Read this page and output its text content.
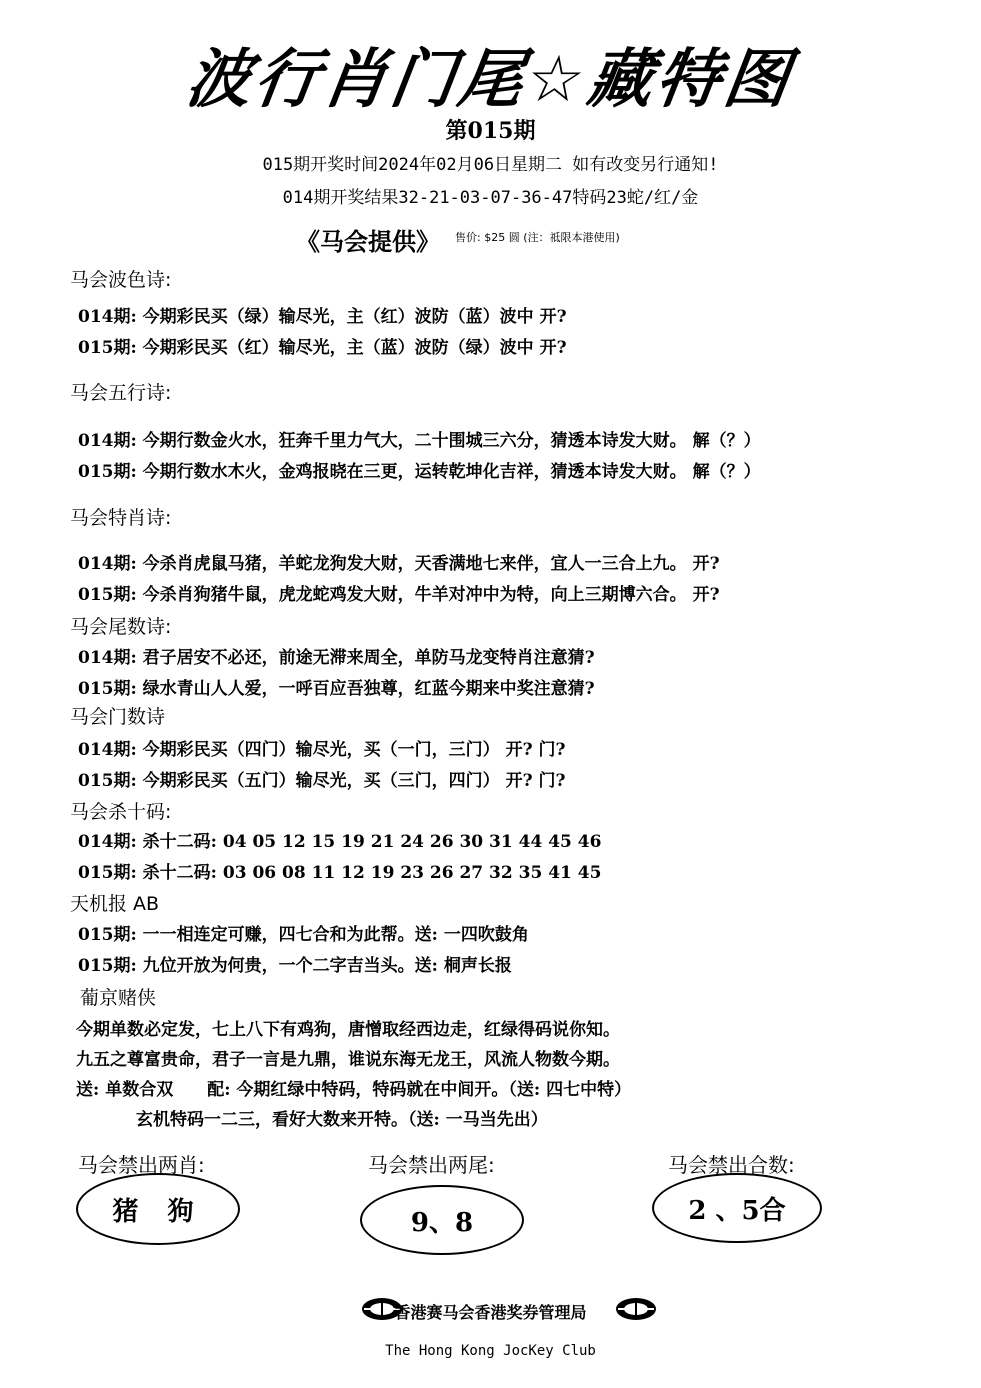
波行肖门尾☆藏特图
第015期
015期开奖时间2024年02月06日星期二 如有改变另行通知!
014期开奖结果32-21-03-07-36-47特码23蛇/红/金
《马会提供》 售价: $25 圆 (注：祗限本港使用)
马会波色诗:
014期: 今期彩民买（绿）输尽光，主（红）波防（蓝）波中 开?
015期: 今期彩民买（红）输尽光，主（蓝）波防（绿）波中 开?
马会五行诗:
014期: 今期行数金火水，狂奔千里力气大，二十围城三六分，猜透本诗发大财。 解（？）
015期: 今期行数水木火，金鸡报晓在三更，运转乾坤化吉祥，猜透本诗发大财。 解（？）
马会特肖诗:
014期: 今杀肖虎鼠马猪，羊蛇龙狗发大财，天香满地七来伴，宜人一三合上九。 开?
015期: 今杀肖狗猪牛鼠，虎龙蛇鸡发大财，牛羊对冲中为特，向上三期博六合。 开?
马会尾数诗:
014期: 君子居安不必还，前途无滞来周全，单防马龙变特肖注意猜?
015期: 绿水青山人人爱，一呼百应吾独尊，红蓝今期来中奖注意猜?
马会门数诗
014期: 今期彩民买（四门）输尽光，买（一门，三门） 开? 门?
015期: 今期彩民买（五门）输尽光，买（三门，四门） 开? 门?
马会杀十码:
014期: 杀十二码: 04 05 12 15 19 21 24 26 30 31 44 45 46
015期: 杀十二码: 03 06 08 11 12 19 23 26 27 32 35 41 45
天机报 AB
015期: 一一相连定可赚，四七合和为此帮。送: 一四吹鼓角
015期: 九位开放为何贵，一个二字吉当头。送: 桐声长报
葡京赌侠
今期单数必定发，七上八下有鸡狗，唐憎取经西边走，红绿得码说你知。
九五之尊富贵命，君子一言是九鼎，谁说东海无龙王，风流人物数今期。
送: 单数合双　　配: 今期红绿中特码，特码就在中间开。（送: 四七中特）
玄机特码一二三，看好大数来开特。（送: 一马当先出）
马会禁出两肖:	马会禁出两尾:	马会禁出合数:
猪 狗	9、8	2 、5合
香港赛马会香港奖券管理局
The Hong Kong JocKey Club
